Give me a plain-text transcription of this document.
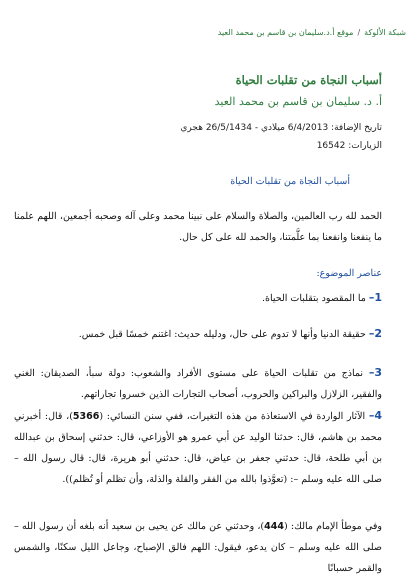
شبكة الألوكة/موقع أ.د.سليمان بن قاسم بن محمد العيد
أسباب النجاة من تقلبات الحياة
أ. د. سليمان بن قاسم بن محمد العيد
تاريخ الإضافة: 6/4/2013 ميلادي - 26/5/1434 هجري
الزيارات: 16542
أسباب النجاة من تقلبات الحياة
الحمد لله رب العالمين، والصلاة والسلام على نبينا محمد وعلى آله وصحبه أجمعين، اللهم علمنا ما ينفعنا وانفعنا بما علَّمتنا، والحمد لله على كل حال.
عناصر الموضوع:
1– ما المقصود بتقلبات الحياة.
2– حقيقة الدنيا وأنها لا تدوم على حال، ودليله حديث: اغتنم خمسًا قبل خمس.
3– نماذج من تقلبات الحياة على مستوى الأفراد والشعوب: دولة سبأ، الصديقان: الغني والفقير، الزلازل والبراكين والحروب، أصحاب التجارات الذين خسروا تجاراتهم.
4– الآثار الواردة في الاستعاذة من هذه التغيرات، ففي سنن النسائي: (5366)، قال: أخبرني محمد بن هاشم، قال: حدثنا الوليد عن أبي عمرو هو الأوزاعي، قال: حدثني إسحاق بن عبدالله بن أبي طلحة، قال: حدثني جعفر بن عياض، قال: حدثني أبو هريرة، قال: قال رسول الله – صلى الله عليه وسلم –: (تعوَّذوا بالله من الفقر والقلة والذلة، وأن تظلم أو تُظلم)).
وفي موطأ الإمام مالك: (444)، وحدثني عن مالك عن يحيى بن سعيد أنه بلغه أن رسول الله – صلى الله عليه وسلم – كان يدعو، فيقول: اللهم فالق الإصباح، وجاعل الليل سكنًا، والشمس والقمر حسبانًا
